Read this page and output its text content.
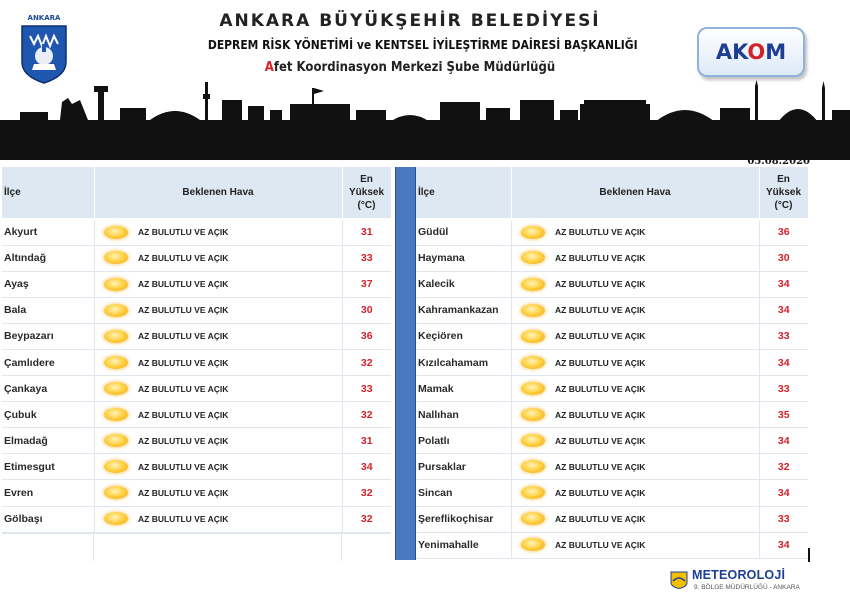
ANKARA	ANKARA BÜYÜKŞEHİR BELEDİYESİ
DEPREM RİSK YÖNETİMİ ve KENTSEL İYİLEŞTİRME DAİRESİ BAŞKANLIĞI
Afet Koordinasyon Merkezi Şube Müdürlüğü
AKOM
05.08.2020
İlçe	Beklenen Hava		En
Yüksek
(°C)
Akyurt		AZ BULUTLU VE AÇIK	31
Altındağ		AZ BULUTLU VE AÇIK	33
Ayaş		AZ BULUTLU VE AÇIK	37
Bala		AZ BULUTLU VE AÇIK	30
Beypazarı		AZ BULUTLU VE AÇIK	36
Çamlıdere		AZ BULUTLU VE AÇIK	32
Çankaya		AZ BULUTLU VE AÇIK	33
Çubuk		AZ BULUTLU VE AÇIK	32
Elmadağ		AZ BULUTLU VE AÇIK	31
Etimesgut		AZ BULUTLU VE AÇIK	34
Evren		AZ BULUTLU VE AÇIK	32
Gölbaşı		AZ BULUTLU VE AÇIK	32
İlçe	Beklenen Hava		En
Yüksek
(°C)
Güdül		AZ BULUTLU VE AÇIK	36
Haymana		AZ BULUTLU VE AÇIK	30
Kalecik		AZ BULUTLU VE AÇIK	34
Kahramankazan		AZ BULUTLU VE AÇIK	34
Keçiören		AZ BULUTLU VE AÇIK	33
Kızılcahamam		AZ BULUTLU VE AÇIK	34
Mamak		AZ BULUTLU VE AÇIK	33
Nallıhan		AZ BULUTLU VE AÇIK	35
Polatlı		AZ BULUTLU VE AÇIK	34
Pursaklar		AZ BULUTLU VE AÇIK	32
Sincan		AZ BULUTLU VE AÇIK	34
Şereflikoçhisar		AZ BULUTLU VE AÇIK	33
Yenimahalle		AZ BULUTLU VE AÇIK	34
METEOROLOJİ
9. BÖLGE MÜDÜRLÜĞÜ - ANKARA
